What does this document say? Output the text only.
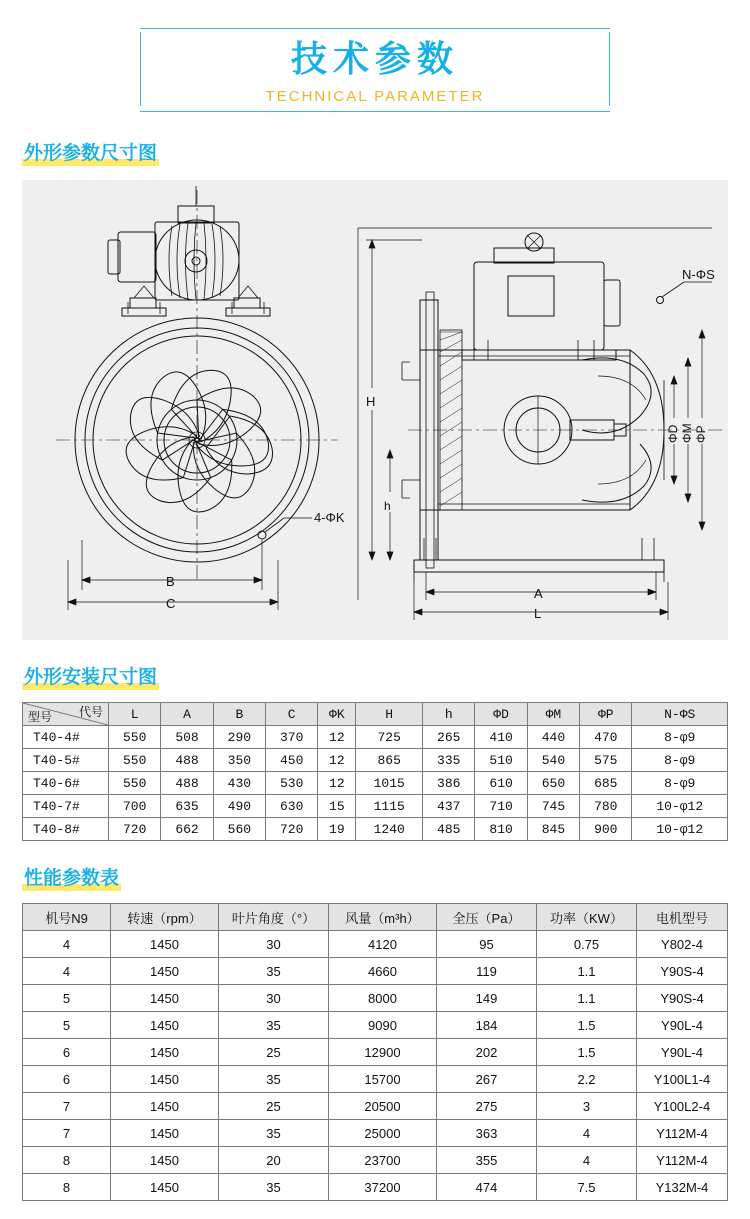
技术参数
TECHNICAL PARAMETER
外形参数尺寸图
4-ΦK
N-ΦS
B
C
A
L
H
h
ΦD ΦM ΦP
外形安装尺寸图
代号
型号	L	A	B	C	ΦK	H	h	ΦD	ΦM	ΦP	N-ΦS
T40-4#	550	508	290	370	12	725	265	410	440	470	8-φ9
T40-5#	550	488	350	450	12	865	335	510	540	575	8-φ9
T40-6#	550	488	430	530	12	1015	386	610	650	685	8-φ9
T40-7#	700	635	490	630	15	1115	437	710	745	780	10-φ12
T40-8#	720	662	560	720	19	1240	485	810	845	900	10-φ12
性能参数表
机号N9	转速（rpm）	叶片角度（°）	风量（m³h）	全压（Pa）	功率（KW）	电机型号
4	1450	30	4120	95	0.75	Y802-4
4	1450	35	4660	119	1.1	Y90S-4
5	1450	30	8000	149	1.1	Y90S-4
5	1450	35	9090	184	1.5	Y90L-4
6	1450	25	12900	202	1.5	Y90L-4
6	1450	35	15700	267	2.2	Y100L1-4
7	1450	25	20500	275	3	Y100L2-4
7	1450	35	25000	363	4	Y112M-4
8	1450	20	23700	355	4	Y112M-4
8	1450	35	37200	474	7.5	Y132M-4
